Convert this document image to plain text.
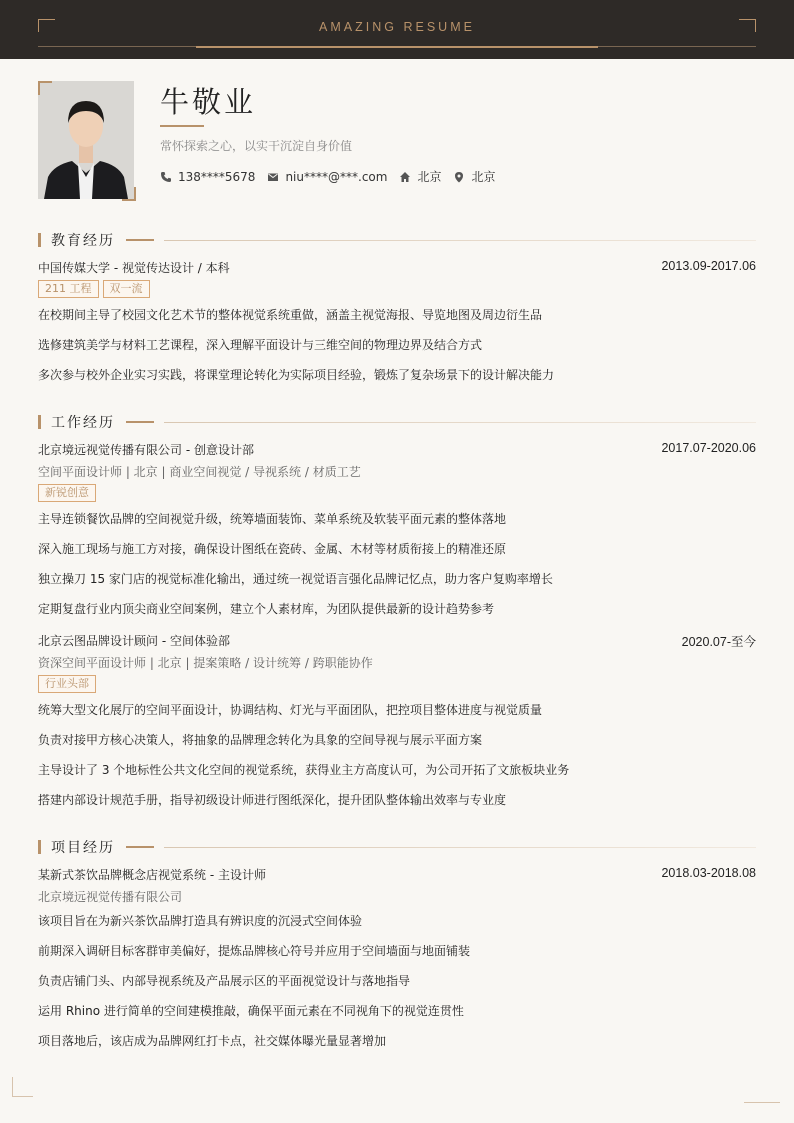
AMAZING RESUME
牛敬业
常怀探索之心，以实干沉淀自身价值
138****5678	niu****@***.com	北京	北京
教育经历
中国传媒大学 - 视觉传达设计 / 本科	2013.09-2017.06
211 工程	双一流
在校期间主导了校园文化艺术节的整体视觉系统重做，涵盖主视觉海报、导览地图及周边衍生品
选修建筑美学与材料工艺课程，深入理解平面设计与三维空间的物理边界及结合方式
多次参与校外企业实习实践，将课堂理论转化为实际项目经验，锻炼了复杂场景下的设计解决能力
工作经历
北京境远视觉传播有限公司 - 创意设计部	2017.07-2020.06
空间平面设计师 | 北京 | 商业空间视觉 / 导视系统 / 材质工艺
新锐创意
主导连锁餐饮品牌的空间视觉升级，统筹墙面装饰、菜单系统及软装平面元素的整体落地
深入施工现场与施工方对接，确保设计图纸在瓷砖、金属、木材等材质衔接上的精准还原
独立操刀 15 家门店的视觉标准化输出，通过统一视觉语言强化品牌记忆点，助力客户复购率增长
定期复盘行业内顶尖商业空间案例，建立个人素材库，为团队提供最新的设计趋势参考
北京云图品牌设计顾问 - 空间体验部	2020.07-至今
资深空间平面设计师 | 北京 | 提案策略 / 设计统筹 / 跨职能协作
行业头部
统筹大型文化展厅的空间平面设计，协调结构、灯光与平面团队，把控项目整体进度与视觉质量
负责对接甲方核心决策人，将抽象的品牌理念转化为具象的空间导视与展示平面方案
主导设计了 3 个地标性公共文化空间的视觉系统，获得业主方高度认可，为公司开拓了文旅板块业务
搭建内部设计规范手册，指导初级设计师进行图纸深化，提升团队整体输出效率与专业度
项目经历
某新式茶饮品牌概念店视觉系统 - 主设计师	2018.03-2018.08
北京境远视觉传播有限公司
该项目旨在为新兴茶饮品牌打造具有辨识度的沉浸式空间体验
前期深入调研目标客群审美偏好，提炼品牌核心符号并应用于空间墙面与地面铺装
负责店铺门头、内部导视系统及产品展示区的平面视觉设计与落地指导
运用 Rhino 进行简单的空间建模推敲，确保平面元素在不同视角下的视觉连贯性
项目落地后，该店成为品牌网红打卡点，社交媒体曝光量显著增加
